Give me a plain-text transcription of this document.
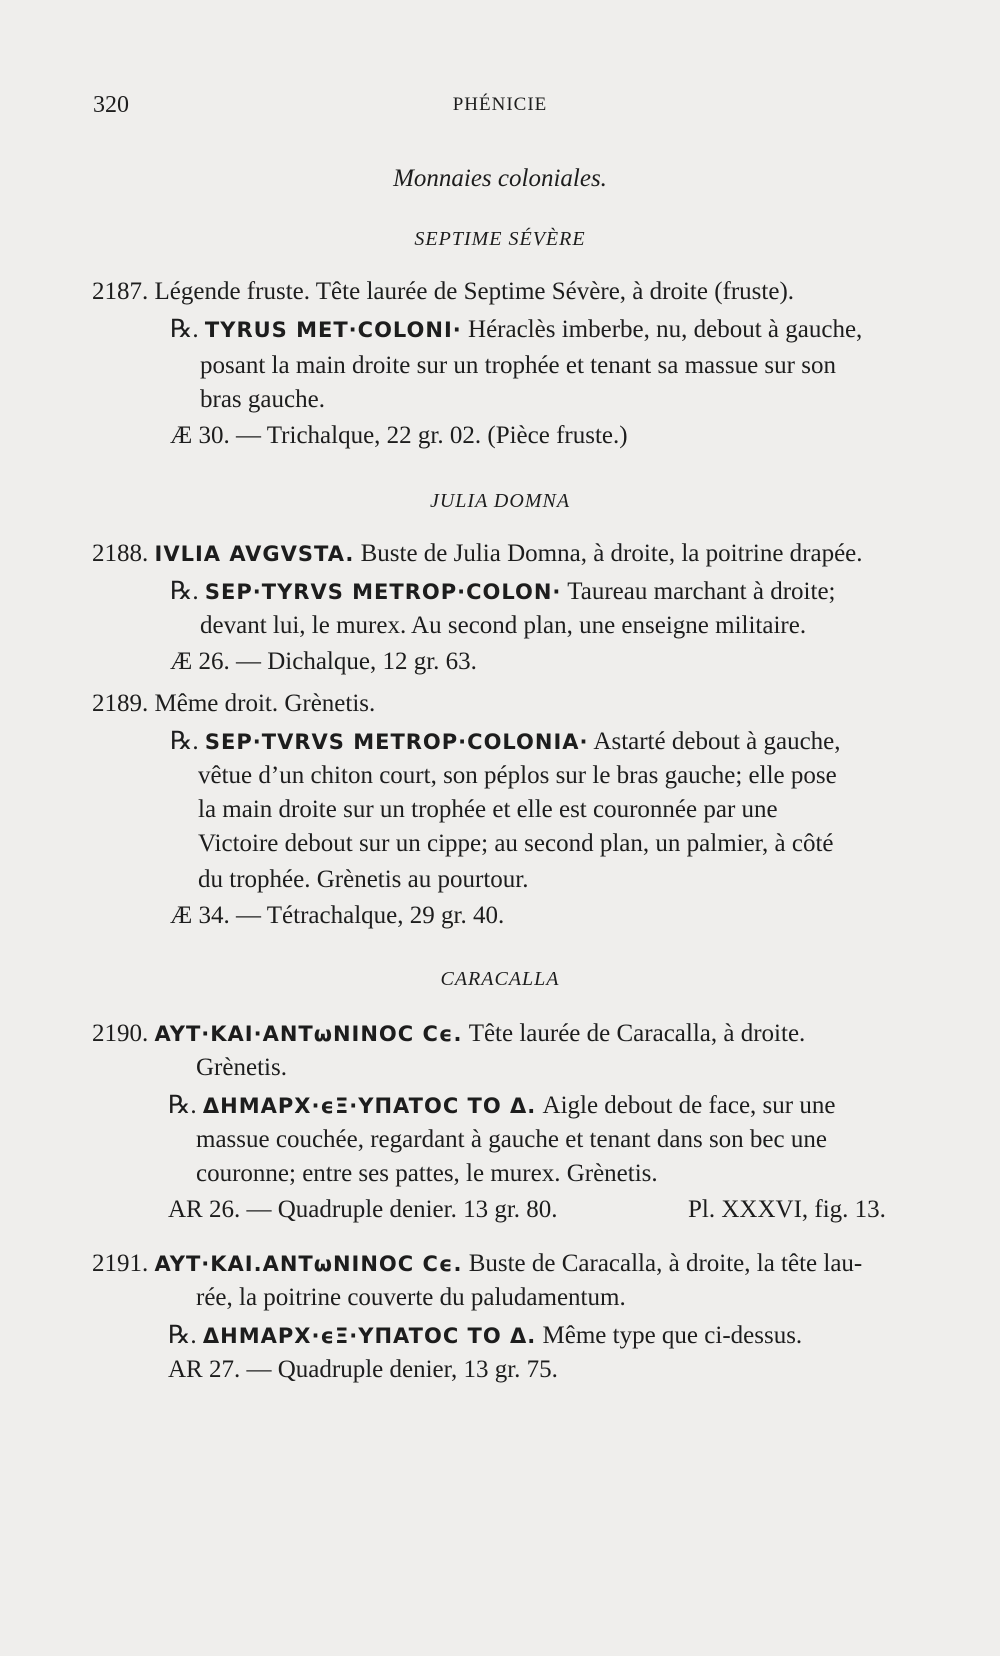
320	PHÉNICIE
Monnaies coloniales.
SEPTIME SÉVÈRE
2187. Légende fruste. Tête laurée de Septime Sévère, à droite (fruste).
℞. TYRUS MET·COLONI· Héraclès imberbe, nu, debout à gauche,
posant la main droite sur un trophée et tenant sa massue sur son
bras gauche.
Æ 30. — Trichalque, 22 gr. 02. (Pièce fruste.)
JULIA DOMNA
2188. IVLIA AVGVSTA. Buste de Julia Domna, à droite, la poitrine drapée.
℞. SEP·TYRVS METROP·COLON· Taureau marchant à droite;
devant lui, le murex. Au second plan, une enseigne militaire.
Æ 26. — Dichalque, 12 gr. 63.
2189. Même droit. Grènetis.
℞. SEP·TVRVS METROP·COLONIA· Astarté debout à gauche,
vêtue d’un chiton court, son péplos sur le bras gauche; elle pose
la main droite sur un trophée et elle est couronnée par une
Victoire debout sur un cippe; au second plan, un palmier, à côté
du trophée. Grènetis au pourtour.
Æ 34. — Tétrachalque, 29 gr. 40.
CARACALLA
2190. AYT·KAI·ANTωNINOC Cϵ. Tête laurée de Caracalla, à droite.
Grènetis.
℞. ΔHMAPX·ϵΞ·YΠATOC TO Δ. Aigle debout de face, sur une
massue couchée, regardant à gauche et tenant dans son bec une
couronne; entre ses pattes, le murex. Grènetis.
AR 26. — Quadruple denier. 13 gr. 80.	Pl. XXXVI, fig. 13.
2191. AYT·KAI.ANTωNINOC Cϵ. Buste de Caracalla, à droite, la tête lau-
rée, la poitrine couverte du paludamentum.
℞. ΔHMAPX·ϵΞ·YΠATOC TO Δ. Même type que ci-dessus.
AR 27. — Quadruple denier, 13 gr. 75.
